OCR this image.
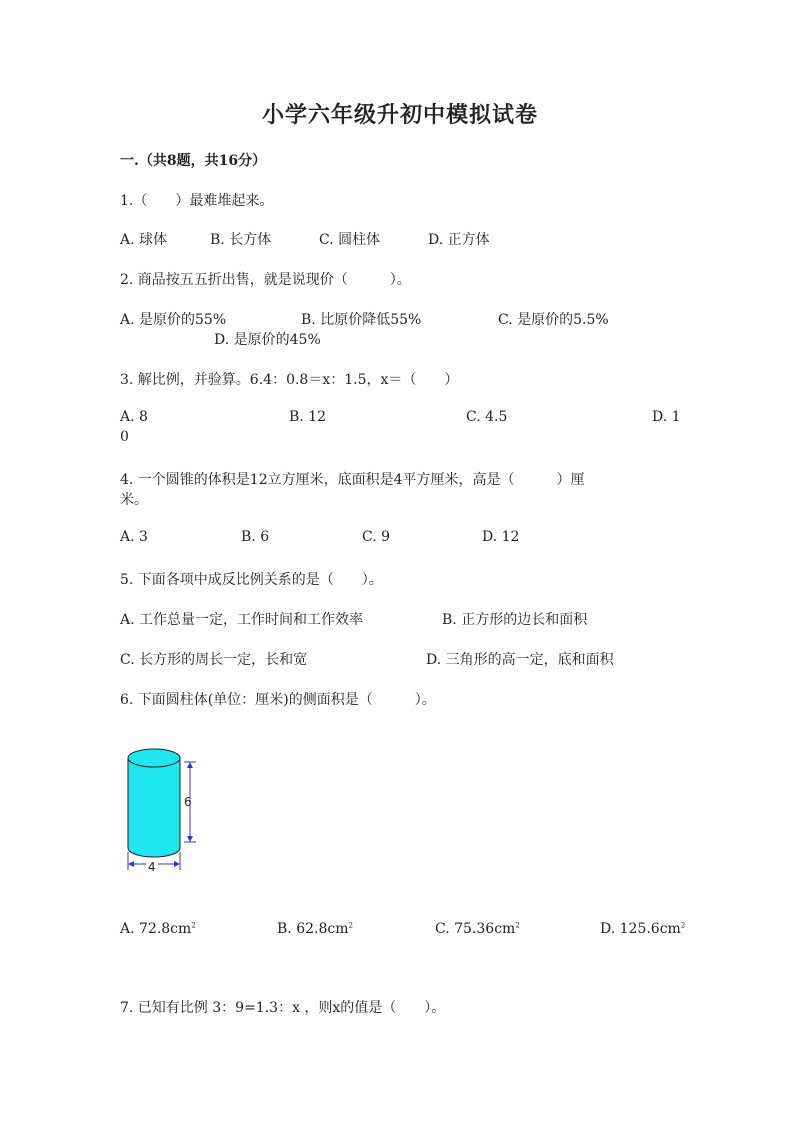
小学六年级升初中模拟试卷
一.（共8题，共16分）
1.（　　）最难堆起来。
A. 球体	B. 长方体	C. 圆柱体	D. 正方体
2. 商品按五五折出售，就是说现价（　　　）。
A. 是原价的55%	B. 比原价降低55%	C. 是原价的5.5%
D. 是原价的45%
3. 解比例，并验算。6.4：0.8＝x：1.5，x＝（　　）
A. 8	B. 12	C. 4.5	D. 1
0
4. 一个圆锥的体积是12立方厘米，底面积是4平方厘米，高是（　　　）厘
米。
A. 3	B. 6	C. 9	D. 12
5. 下面各项中成反比例关系的是（　　）。
A. 工作总量一定，工作时间和工作效率	B. 正方形的边长和面积
C. 长方形的周长一定，长和宽	D. 三角形的高一定，底和面积
6. 下面圆柱体(单位：厘米)的侧面积是（　　　）。
6
4
A. $72.8cm^2$	B. $62.8cm^2$	C. $75.36cm^2$	D. $125.6cm^2$
7. 已知有比例 3：9=1.3：x ，则x的值是（　　）。
